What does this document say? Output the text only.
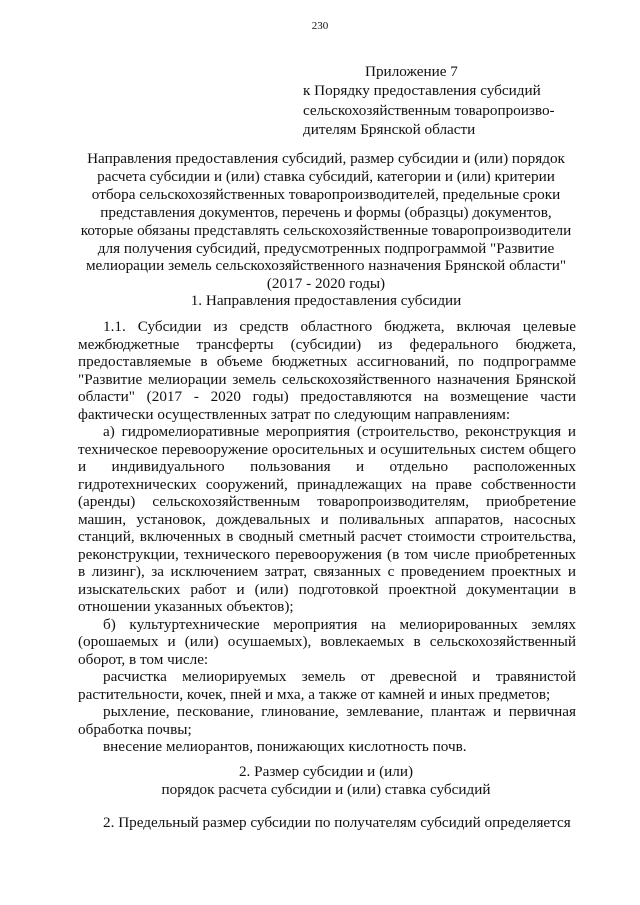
230
Приложение 7
к Порядку предоставления субсидий
сельскохозяйственным товаропроизво-
дителям Брянской области
Направления предоставления субсидий, размер субсидии и (или) порядок
расчета субсидии и (или) ставка субсидий, категории и (или) критерии
отбора сельскохозяйственных товаропроизводителей, предельные сроки
представления документов, перечень и формы (образцы) документов,
которые обязаны представлять сельскохозяйственные товаропроизводители
для получения субсидий, предусмотренных подпрограммой "Развитие
мелиорации земель сельскохозяйственного назначения Брянской области"
(2017 - 2020 годы)
1. Направления предоставления субсидии

1.1. Субсидии из средств областного бюджета, включая целевые межбюджетные трансферты (субсидии) из федерального бюджета, предоставляемые в объеме бюджетных ассигнований, по подпрограмме "Развитие мелиорации земель сельскохозяйственного назначения Брянской области" (2017 - 2020 годы) предоставляются на возмещение части фактически осуществленных затрат по следующим направлениям:

а) гидромелиоративные мероприятия (строительство, реконструкция и техническое перевооружение оросительных и осушительных систем общего и индивидуального пользования и отдельно расположенных гидротехнических сооружений, принадлежащих на праве собственности (аренды) сельскохозяйственным товаропроизводителям, приобретение машин, установок, дождевальных и поливальных аппаратов, насосных станций, включенных в сводный сметный расчет стоимости строительства, реконструкции, технического перевооружения (в том числе приобретенных в лизинг), за исключением затрат, связанных с проведением проектных и изыскательских работ и (или) подготовкой проектной документации в отношении указанных объектов);

б) культуртехнические мероприятия на мелиорированных землях (орошаемых и (или) осушаемых), вовлекаемых в сельскохозяйственный оборот, в том числе:

расчистка мелиорируемых земель от древесной и травянистой растительности, кочек, пней и мха, а также от камней и иных предметов;

рыхление, пескование, глинование, землевание, плантаж и первичная обработка почвы;

внесение мелиорантов, понижающих кислотность почв.

2. Размер субсидии и (или)
порядок расчета субсидии и (или) ставка субсидий

2. Предельный размер субсидии по получателям субсидий определяется
